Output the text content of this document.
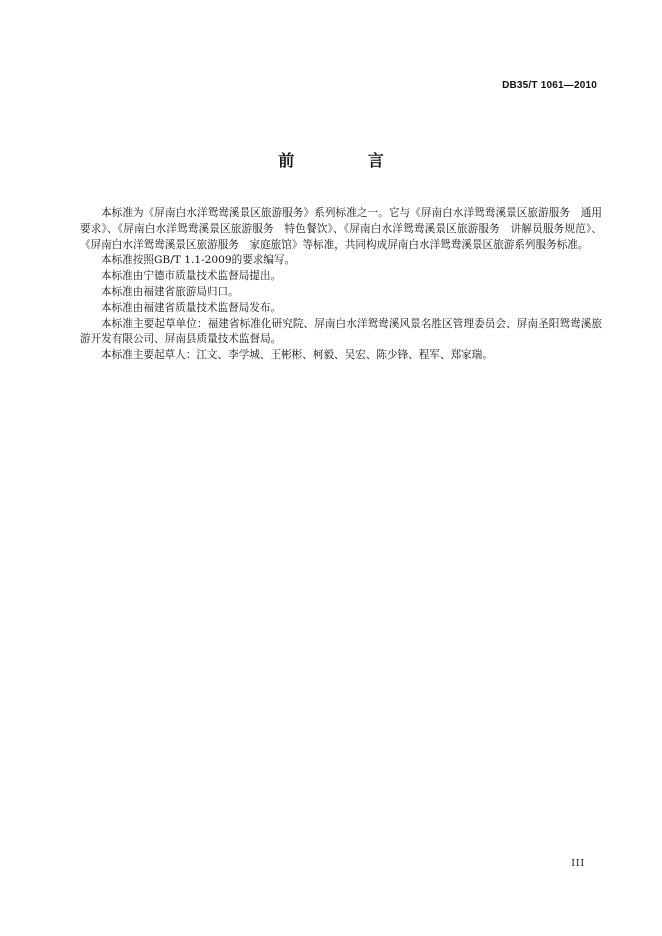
DB35/T 1061—2010
前 言

本标准为《屏南白水洋鸳鸯溪景区旅游服务》系列标准之一。它与《屏南白水洋鸳鸯溪景区旅游服务　通用要求》、《屏南白水洋鸳鸯溪景区旅游服务　特色餐饮》、《屏南白水洋鸳鸯溪景区旅游服务　讲解员服务规范》、《屏南白水洋鸳鸯溪景区旅游服务　家庭旅馆》等标准，共同构成屏南白水洋鸳鸯溪景区旅游系列服务标准。

本标准按照GB/T 1.1-2009的要求编写。

本标准由宁德市质量技术监督局提出。

本标准由福建省旅游局归口。

本标准由福建省质量技术监督局发布。

本标准主要起草单位：福建省标准化研究院、屏南白水洋鸳鸯溪风景名胜区管理委员会、屏南圣阳鸳鸯溪旅游开发有限公司、屏南县质量技术监督局。

本标准主要起草人：江文、李学城、王彬彬、柯毅、吴宏、陈少锋、程军、郑家瑞。

III
